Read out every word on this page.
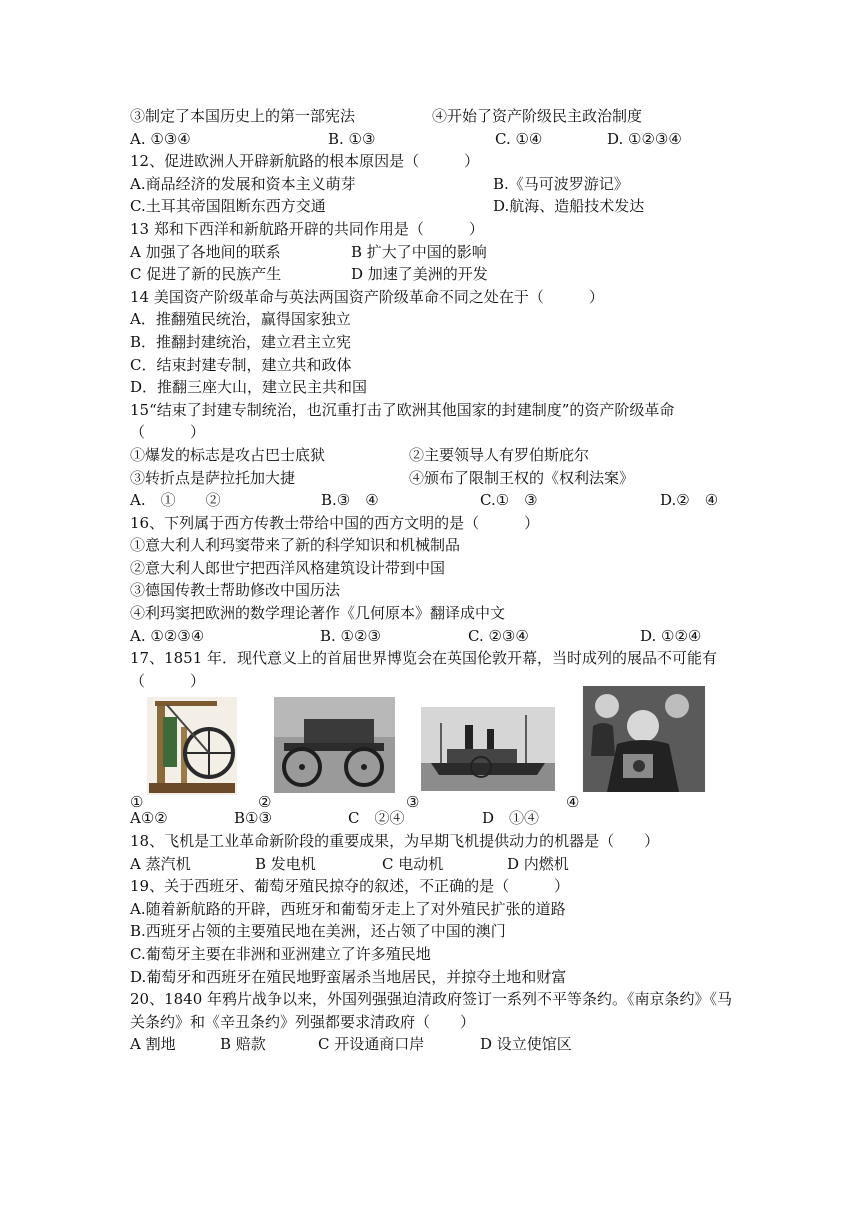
③制定了本国历史上的第一部宪法	④开始了资产阶级民主政治制度
A. ①③④	B. ①③	C. ①④	D. ①②③④
12、促进欧洲人开辟新航路的根本原因是（　　　）
A.商品经济的发展和资本主义萌芽	B.《马可波罗游记》
C.土耳其帝国阻断东西方交通	D.航海、造船技术发达
13 郑和下西洋和新航路开辟的共同作用是（　　　）
A 加强了各地间的联系	B 扩大了中国的影响
C 促进了新的民族产生	D 加速了美洲的开发
14 美国资产阶级革命与英法两国资产阶级革命不同之处在于（　　　）
A．推翻殖民统治，赢得国家独立
B．推翻封建统治，建立君主立宪
C．结束封建专制，建立共和政体
D．推翻三座大山，建立民主共和国
15“结束了封建专制统治，也沉重打击了欧洲其他国家的封建制度”的资产阶级革命（　　　）
①爆发的标志是攻占巴士底狱	②主要领导人有罗伯斯庇尔
③转折点是萨拉托加大捷	④颁布了限制王权的《权利法案》
A.　①　　②	B.③　④	C.①　③	D.②　④
16、下列属于西方传教士带给中国的西方文明的是（　　　）
①意大利人利玛窦带来了新的科学知识和机械制品
②意大利人郎世宁把西洋风格建筑设计带到中国
③德国传教士帮助修改中国历法
④利玛窦把欧洲的数学理论著作《几何原本》翻译成中文
A. ①②③④	B. ①②③	C. ②③④	D. ①②④
17、1851 年．现代意义上的首届世界博览会在英国伦敦开幕，当时成列的展品不可能有（　　　）
①	②	③	④
A①②	B①③	C　②④	D　①④
18、飞机是工业革命新阶段的重要成果，为早期飞机提供动力的机器是（　　）
A 蒸汽机	B 发电机	C 电动机	D 内燃机
19、关于西班牙、葡萄牙殖民掠夺的叙述，不正确的是（　　　）
A.随着新航路的开辟，西班牙和葡萄牙走上了对外殖民扩张的道路
B.西班牙占领的主要殖民地在美洲，还占领了中国的澳门
C.葡萄牙主要在非洲和亚洲建立了许多殖民地
D.葡萄牙和西班牙在殖民地野蛮屠杀当地居民，并掠夺土地和财富
20、1840 年鸦片战争以来，外国列强强迫清政府签订一系列不平等条约。《南京条约》《马关条约》和《辛丑条约》列强都要求清政府（　　）
A 割地	B 赔款	C 开设通商口岸	D 设立使馆区
